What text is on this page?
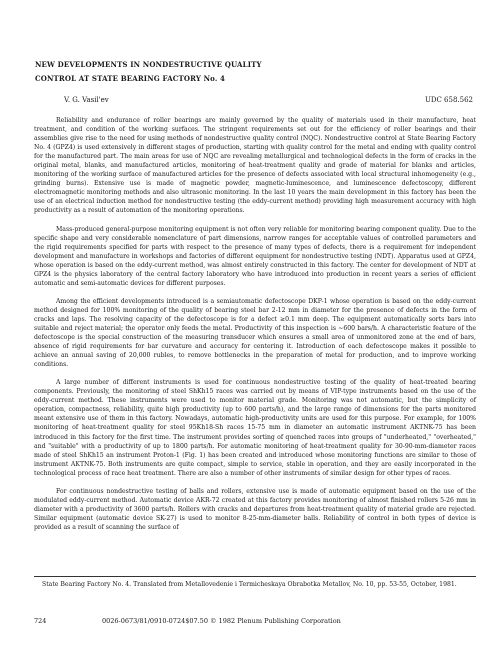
NEW DEVELOPMENTS IN NONDESTRUCTIVE QUALITY
CONTROL AT STATE BEARING FACTORY No. 4
V. G. Vasil'ev	UDC 658.562

Reliability and endurance of roller bearings are mainly governed by the quality of materials used in their manufacture, heat treatment, and condition of the working surfaces. The stringent requirements set out for the efficiency of roller bearings and their assemblies give rise to the need for using methods of nondestructive quality control (NQC). Nondestructive control at State Bearing Factory No. 4 (GPZ4) is used extensively in different stages of production, starting with quality control for the metal and ending with quality control for the manufactured part. The main areas for use of NQC are revealing metallurgical and technological defects in the form of cracks in the original metal, blanks, and manufactured articles, monitoring of heat-treatment quality and grade of material for blanks and articles, monitoring of the working surface of manufactured articles for the presence of defects associated with local structural inhomogeneity (e.g., grinding burns). Extensive use is made of magnetic powder, magnetic-luminescence, and luminescence defectoscopy, different electromagnetic monitoring methods and also ultrasonic monitoring. In the last 10 years the main development in this factory has been the use of an electrical induction method for nondestructive testing (the eddy-current method) providing high measurement accuracy with high productivity as a result of automation of the monitoring operations.

Mass-produced general-purpose monitoring equipment is not often very reliable for monitoring bearing component quality. Due to the specific shape and very considerable nomenclature of part dimensions, narrow ranges for acceptable values of controlled parameters and the rigid requirements specified for parts with respect to the presence of many types of defects, there is a requirement for independent development and manufacture in workshops and factories of different equipment for nondestructive testing (NDT). Apparatus used at GPZ4, whose operation is based on the eddy-current method, was almost entirely constructed in this factory. The center for development of NDT at GPZ4 is the physics laboratory of the central factory laboratory who have introduced into production in recent years a series of efficient automatic and semi-automatic devices for different purposes.

Among the efficient developments introduced is a semiautomatic defectoscope DKP-1 whose operation is based on the eddy-current method designed for 100% monitoring of the quality of bearing steel bar 2-12 mm in diameter for the presence of defects in the form of cracks and laps. The resolving capacity of the defectoscope is for a defect ≥0.1 mm deep. The equipment automatically sorts bars into suitable and reject material; the operator only feeds the metal. Productivity of this inspection is ~600 bars/h. A characteristic feature of the defectoscope is the special construction of the measuring transducer which ensures a small area of unmonitored zone at the end of bars, absence of rigid requirements for bar curvature and accuracy for centering it. Introduction of each defectoscope makes it possible to achieve an annual saving of 20,000 rubles, to remove bottlenecks in the preparation of metal for production, and to improve working conditions.

A large number of different instruments is used for continuous nondestructive testing of the quality of heat-treated bearing components. Previously, the monitoring of steel ShKh15 races was carried out by means of VIP-type instruments based on the use of the eddy-current method. These instruments were used to monitor material grade. Monitoring was not automatic, but the simplicity of operation, compactness, reliability, quite high productivity (up to 600 parts/h), and the large range of dimensions for the parts monitored meant extensive use of them in this factory. Nowadays, automatic high-productivity units are used for this purpose. For example, for 100% monitoring of heat-treatment quality for steel 95Kh18-Sh races 15-75 mm in diameter an automatic instrument AKTNK-75 has been introduced in this factory for the first time. The instrument provides sorting of quenched races into groups of "underheated," "overheated," and "suitable" with a productivity of up to 1800 parts/h. For automatic monitoring of heat-treatment quality for 30-90-mm-diameter races made of steel ShKh15 an instrument Proton-1 (Fig. 1) has been created and introduced whose monitoring functions are similar to those of instrument AKTNK-75. Both instruments are quite compact, simple to service, stable in operation, and they are easily incorporated in the technological process of race heat treatment. There are also a number of other instruments of similar design for other types of races.

For continuous nondestructive testing of balls and rollers, extensive use is made of automatic equipment based on the use of the modulated eddy-current method. Automatic device AKR-72 created at this factory provides monitoring of almost finished rollers 5-26 mm in diameter with a productivity of 3600 parts/h. Rollers with cracks and departures from heat-treatment quality of material grade are rejected. Similar equipment (automatic device SK-27) is used to monitor 8-25-mm-diameter balls. Reliability of control in both types of device is provided as a result of scanning the surface of

State Bearing Factory No. 4. Translated from Metallovedenie i Termicheskaya Obrabotka Metallov, No. 10, pp. 53-55, October, 1981.
724	0026-0673/81/0910-0724$07.50 © 1982 Plenum Publishing Corporation
